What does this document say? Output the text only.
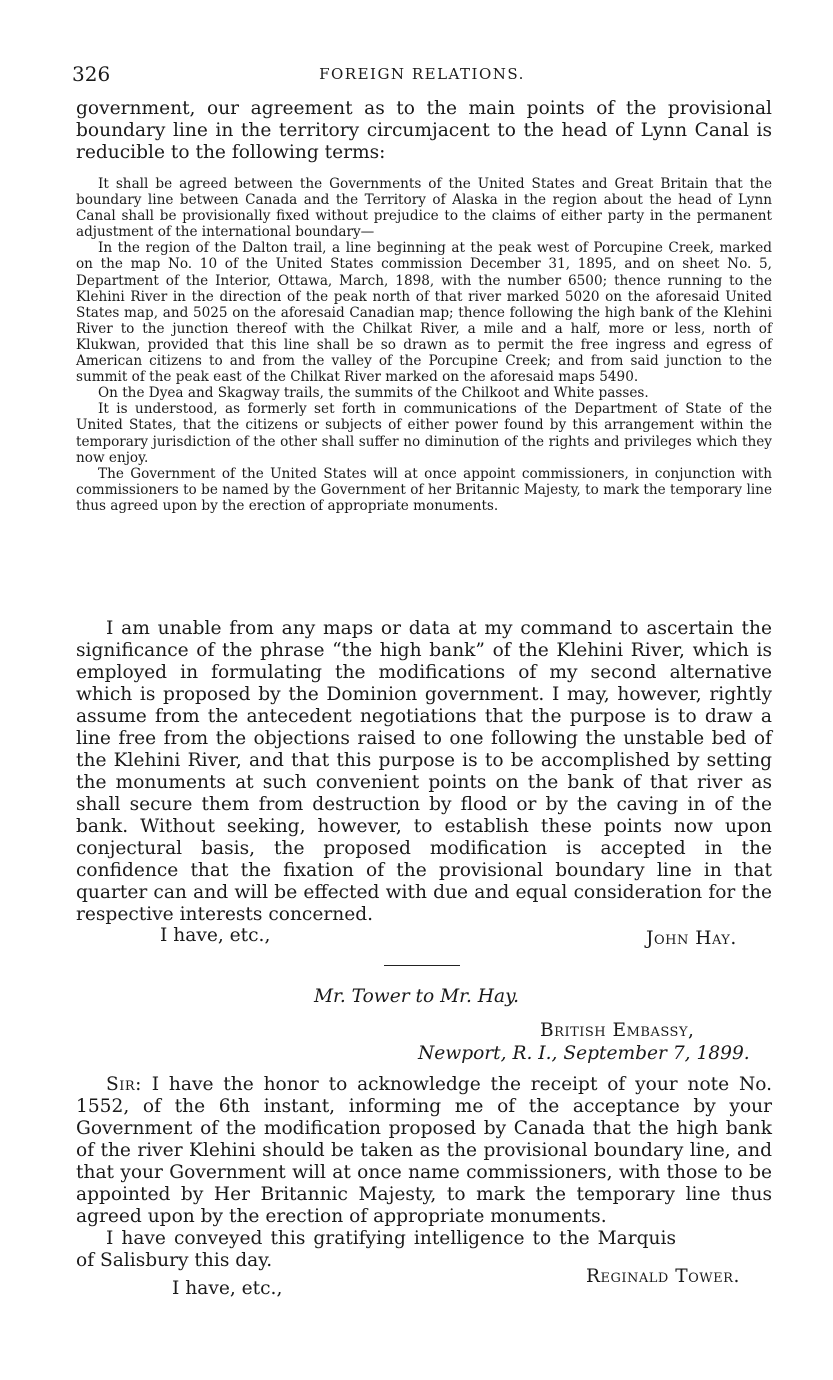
326	FOREIGN RELATIONS.

government, our agreement as to the main points of the provisional boundary line in the territory circumjacent to the head of Lynn Canal is reducible to the following terms:

It shall be agreed between the Governments of the United States and Great Britain that the boundary line between Canada and the Territory of Alaska in the region about the head of Lynn Canal shall be provisionally fixed without prejudice to the claims of either party in the permanent adjustment of the international boundary—

In the region of the Dalton trail, a line beginning at the peak west of Porcupine Creek, marked on the map No. 10 of the United States commission December 31, 1895, and on sheet No. 5, Department of the Interior, Ottawa, March, 1898, with the number 6500; thence running to the Klehini River in the direction of the peak north of that river marked 5020 on the aforesaid United States map, and 5025 on the aforesaid Canadian map; thence following the high bank of the Klehini River to the junction thereof with the Chilkat River, a mile and a half, more or less, north of Klukwan, provided that this line shall be so drawn as to permit the free ingress and egress of American citizens to and from the valley of the Porcupine Creek; and from said junction to the summit of the peak east of the Chilkat River marked on the aforesaid maps 5490.

On the Dyea and Skagway trails, the summits of the Chilkoot and White passes.

It is understood, as formerly set forth in communications of the Department of State of the United States, that the citizens or subjects of either power found by this arrangement within the temporary jurisdiction of the other shall suffer no diminution of the rights and privileges which they now enjoy.

The Government of the United States will at once appoint commissioners, in conjunction with commissioners to be named by the Government of her Britannic Majesty, to mark the temporary line thus agreed upon by the erection of appropriate monuments.

I am unable from any maps or data at my command to ascertain the significance of the phrase “the high bank” of the Klehini River, which is employed in formulating the modifications of my second alternative which is proposed by the Dominion government. I may, however, rightly assume from the antecedent negotiations that the purpose is to draw a line free from the objections raised to one following the unstable bed of the Klehini River, and that this purpose is to be accomplished by setting the monuments at such convenient points on the bank of that river as shall secure them from destruction by flood or by the caving in of the bank. Without seeking, however, to establish these points now upon conjectural basis, the proposed modification is accepted in the confidence that the fixation of the provisional boundary line in that quarter can and will be effected with due and equal consideration for the respective interests concerned.

I have, etc.,	John Hay.
Mr. Tower to Mr. Hay.
British Embassy,
Newport, R. I., September 7, 1899.

Sir: I have the honor to acknowledge the receipt of your note No. 1552, of the 6th instant, informing me of the acceptance by your Government of the modification proposed by Canada that the high bank of the river Klehini should be taken as the provisional boundary line, and that your Government will at once name commissioners, with those to be appointed by Her Britannic Majesty, to mark the temporary line thus agreed upon by the erection of appropriate monuments.

I have conveyed this gratifying intelligence to the Marquis of Salisbury this day.

Reginald Tower.
I have, etc.,
